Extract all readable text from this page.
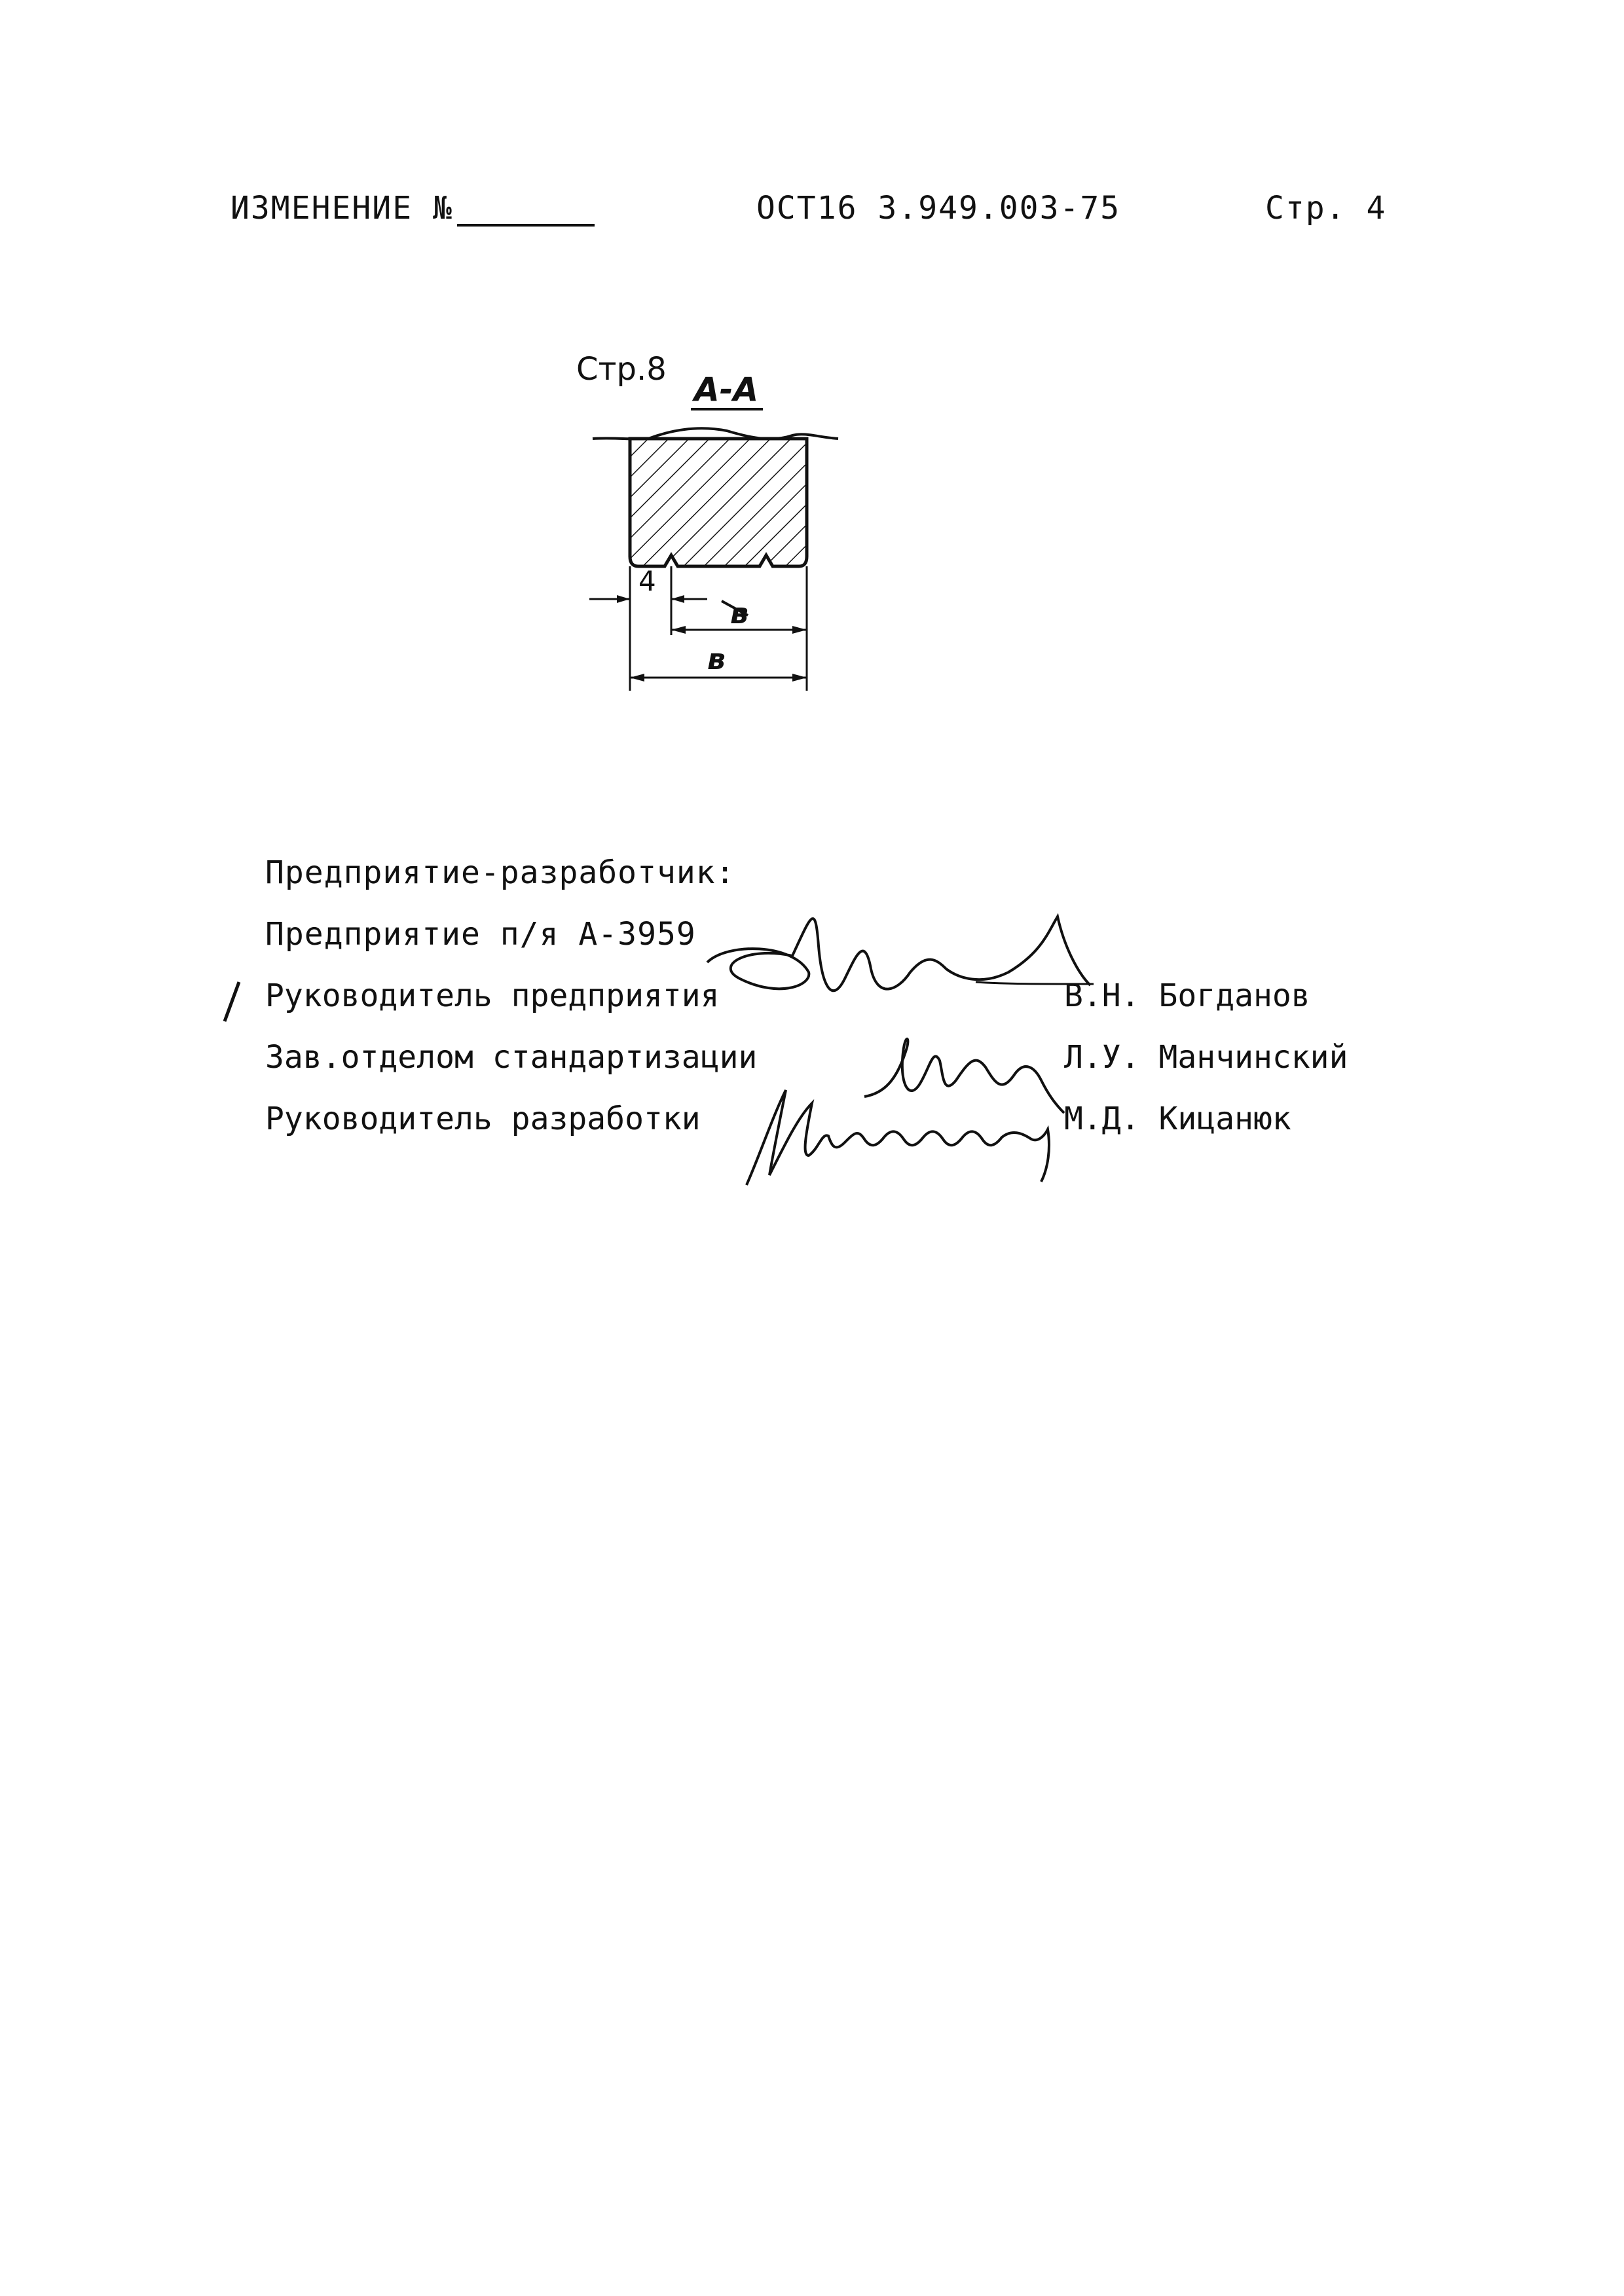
ИЗМЕНЕНИЕ №	ОСТ16 3.949.003-75	Стр. 4
Стр.8
А-А
4
в
в
Предприятие-разработчик:
Предприятие п/я А-3959
Руководитель предприятия	В.Н. Богданов
Зав.отделом стандартизации	Л.У. Манчинский
Руководитель разработки	М.Д. Кицанюк
